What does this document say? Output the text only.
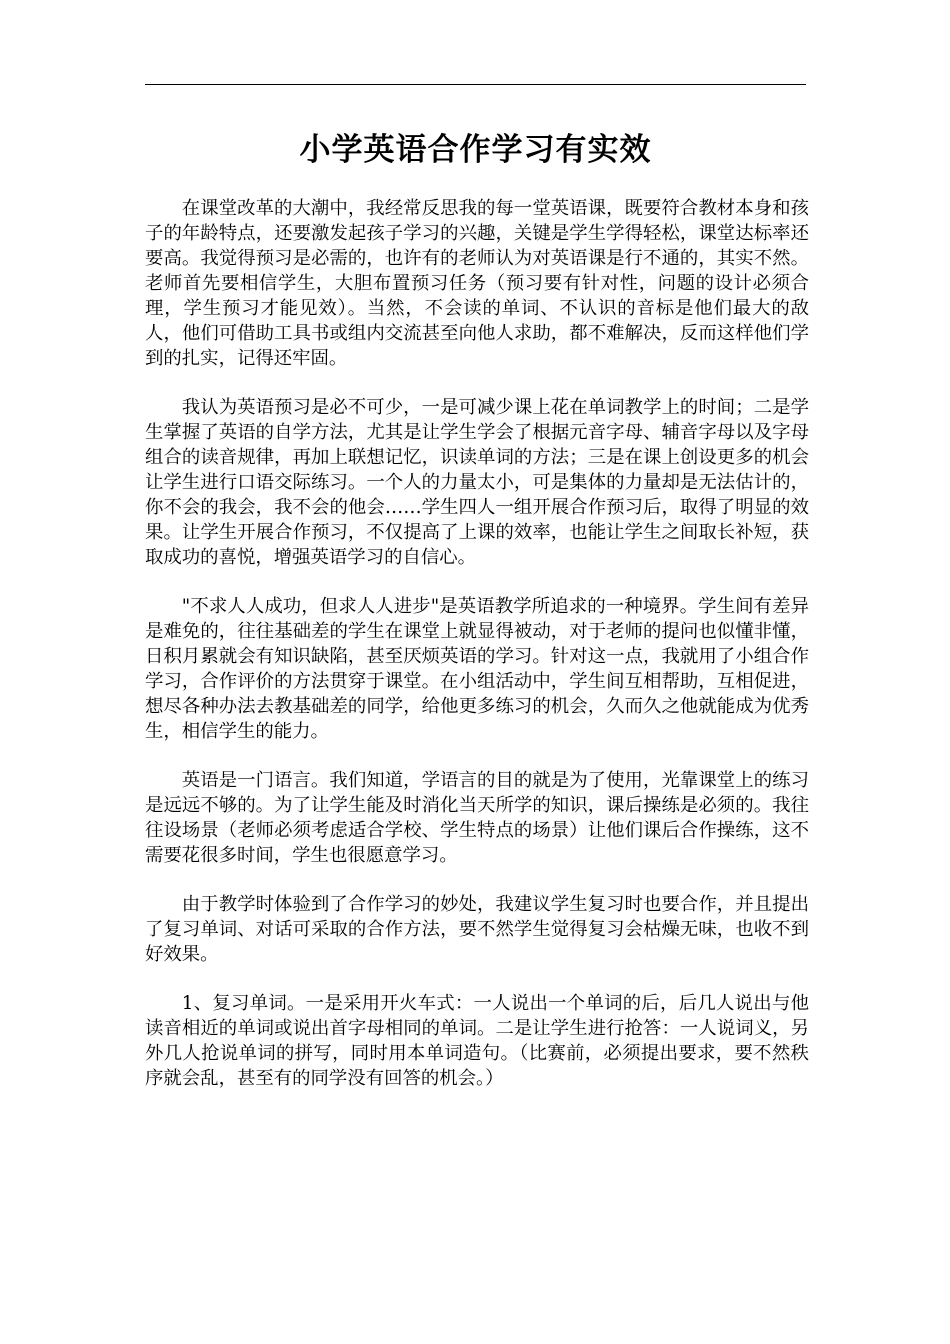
小学英语合作学习有实效

在课堂改革的大潮中，我经常反思我的每一堂英语课，既要符合教材本身和孩子的年龄特点，还要激发起孩子学习的兴趣，关键是学生学得轻松，课堂达标率还要高。我觉得预习是必需的，也许有的老师认为对英语课是行不通的，其实不然。老师首先要相信学生，大胆布置预习任务（预习要有针对性，问题的设计必须合理，学生预习才能见效）。当然，不会读的单词、不认识的音标是他们最大的敌人，他们可借助工具书或组内交流甚至向他人求助，都不难解决，反而这样他们学到的扎实，记得还牢固。

我认为英语预习是必不可少，一是可减少课上花在单词教学上的时间；二是学生掌握了英语的自学方法，尤其是让学生学会了根据元音字母、辅音字母以及字母组合的读音规律，再加上联想记忆，识读单词的方法；三是在课上创设更多的机会让学生进行口语交际练习。一个人的力量太小，可是集体的力量却是无法估计的，你不会的我会，我不会的他会……学生四人一组开展合作预习后，取得了明显的效果。让学生开展合作预习，不仅提高了上课的效率，也能让学生之间取长补短，获取成功的喜悦，增强英语学习的自信心。

"不求人人成功，但求人人进步"是英语教学所追求的一种境界。学生间有差异是难免的，往往基础差的学生在课堂上就显得被动，对于老师的提问也似懂非懂，日积月累就会有知识缺陷，甚至厌烦英语的学习。针对这一点，我就用了小组合作学习，合作评价的方法贯穿于课堂。在小组活动中，学生间互相帮助，互相促进，想尽各种办法去教基础差的同学，给他更多练习的机会，久而久之他就能成为优秀生，相信学生的能力。

英语是一门语言。我们知道，学语言的目的就是为了使用，光靠课堂上的练习是远远不够的。为了让学生能及时消化当天所学的知识，课后操练是必须的。我往往设场景（老师必须考虑适合学校、学生特点的场景）让他们课后合作操练，这不需要花很多时间，学生也很愿意学习。

由于教学时体验到了合作学习的妙处，我建议学生复习时也要合作，并且提出了复习单词、对话可采取的合作方法，要不然学生觉得复习会枯燥无味，也收不到好效果。

1、复习单词。一是采用开火车式：一人说出一个单词的后，后几人说出与他读音相近的单词或说出首字母相同的单词。二是让学生进行抢答：一人说词义，另外几人抢说单词的拼写，同时用本单词造句。（比赛前，必须提出要求，要不然秩序就会乱，甚至有的同学没有回答的机会。）
